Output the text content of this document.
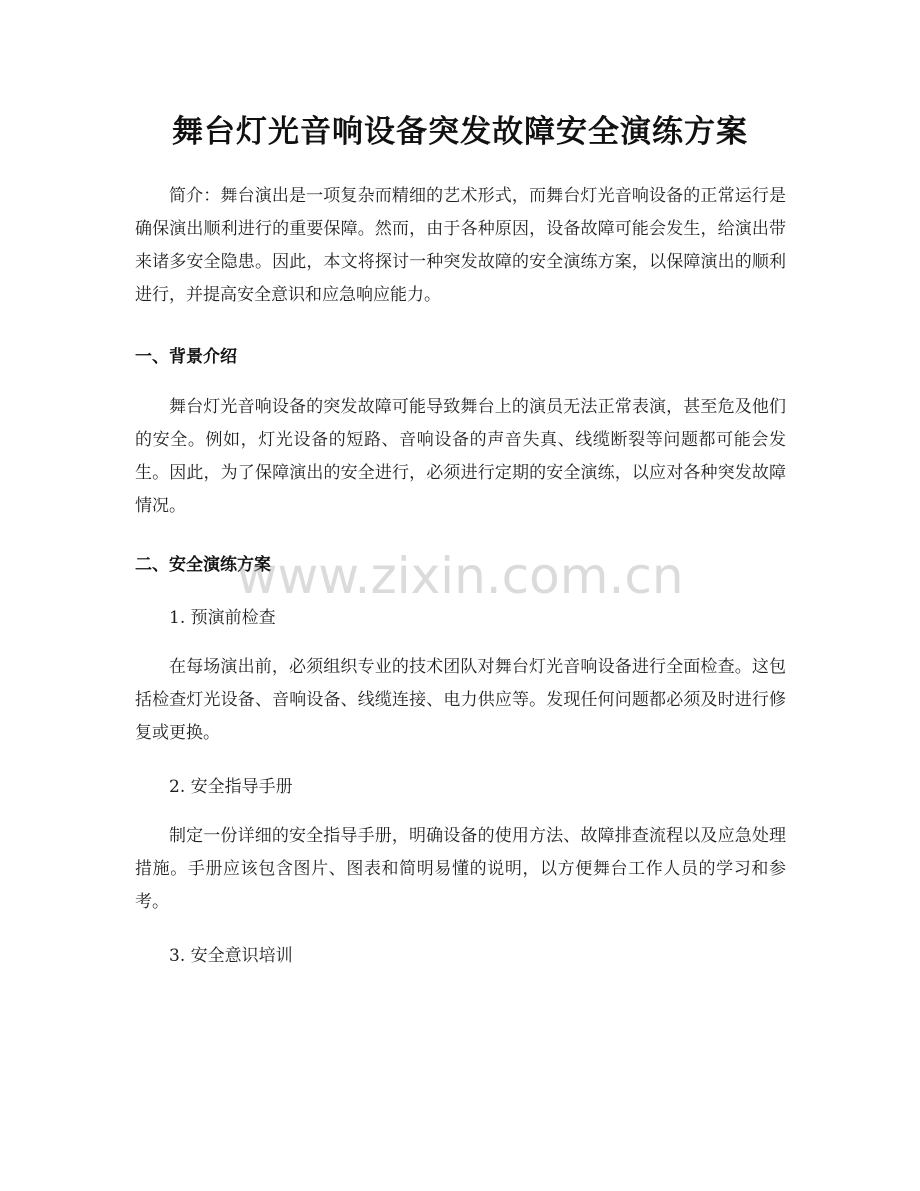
舞台灯光音响设备突发故障安全演练方案

简介：舞台演出是一项复杂而精细的艺术形式，而舞台灯光音响设备的正常运行是确保演出顺利进行的重要保障。然而，由于各种原因，设备故障可能会发生，给演出带来诸多安全隐患。因此，本文将探讨一种突发故障的安全演练方案，以保障演出的顺利进行，并提高安全意识和应急响应能力。

一、背景介绍

舞台灯光音响设备的突发故障可能导致舞台上的演员无法正常表演，甚至危及他们的安全。例如，灯光设备的短路、音响设备的声音失真、线缆断裂等问题都可能会发生。因此，为了保障演出的安全进行，必须进行定期的安全演练，以应对各种突发故障情况。

二、安全演练方案
1. 预演前检查

在每场演出前，必须组织专业的技术团队对舞台灯光音响设备进行全面检查。这包括检查灯光设备、音响设备、线缆连接、电力供应等。发现任何问题都必须及时进行修复或更换。

2. 安全指导手册

制定一份详细的安全指导手册，明确设备的使用方法、故障排查流程以及应急处理措施。手册应该包含图片、图表和简明易懂的说明，以方便舞台工作人员的学习和参考。

3. 安全意识培训
www.zixin.com.cn
